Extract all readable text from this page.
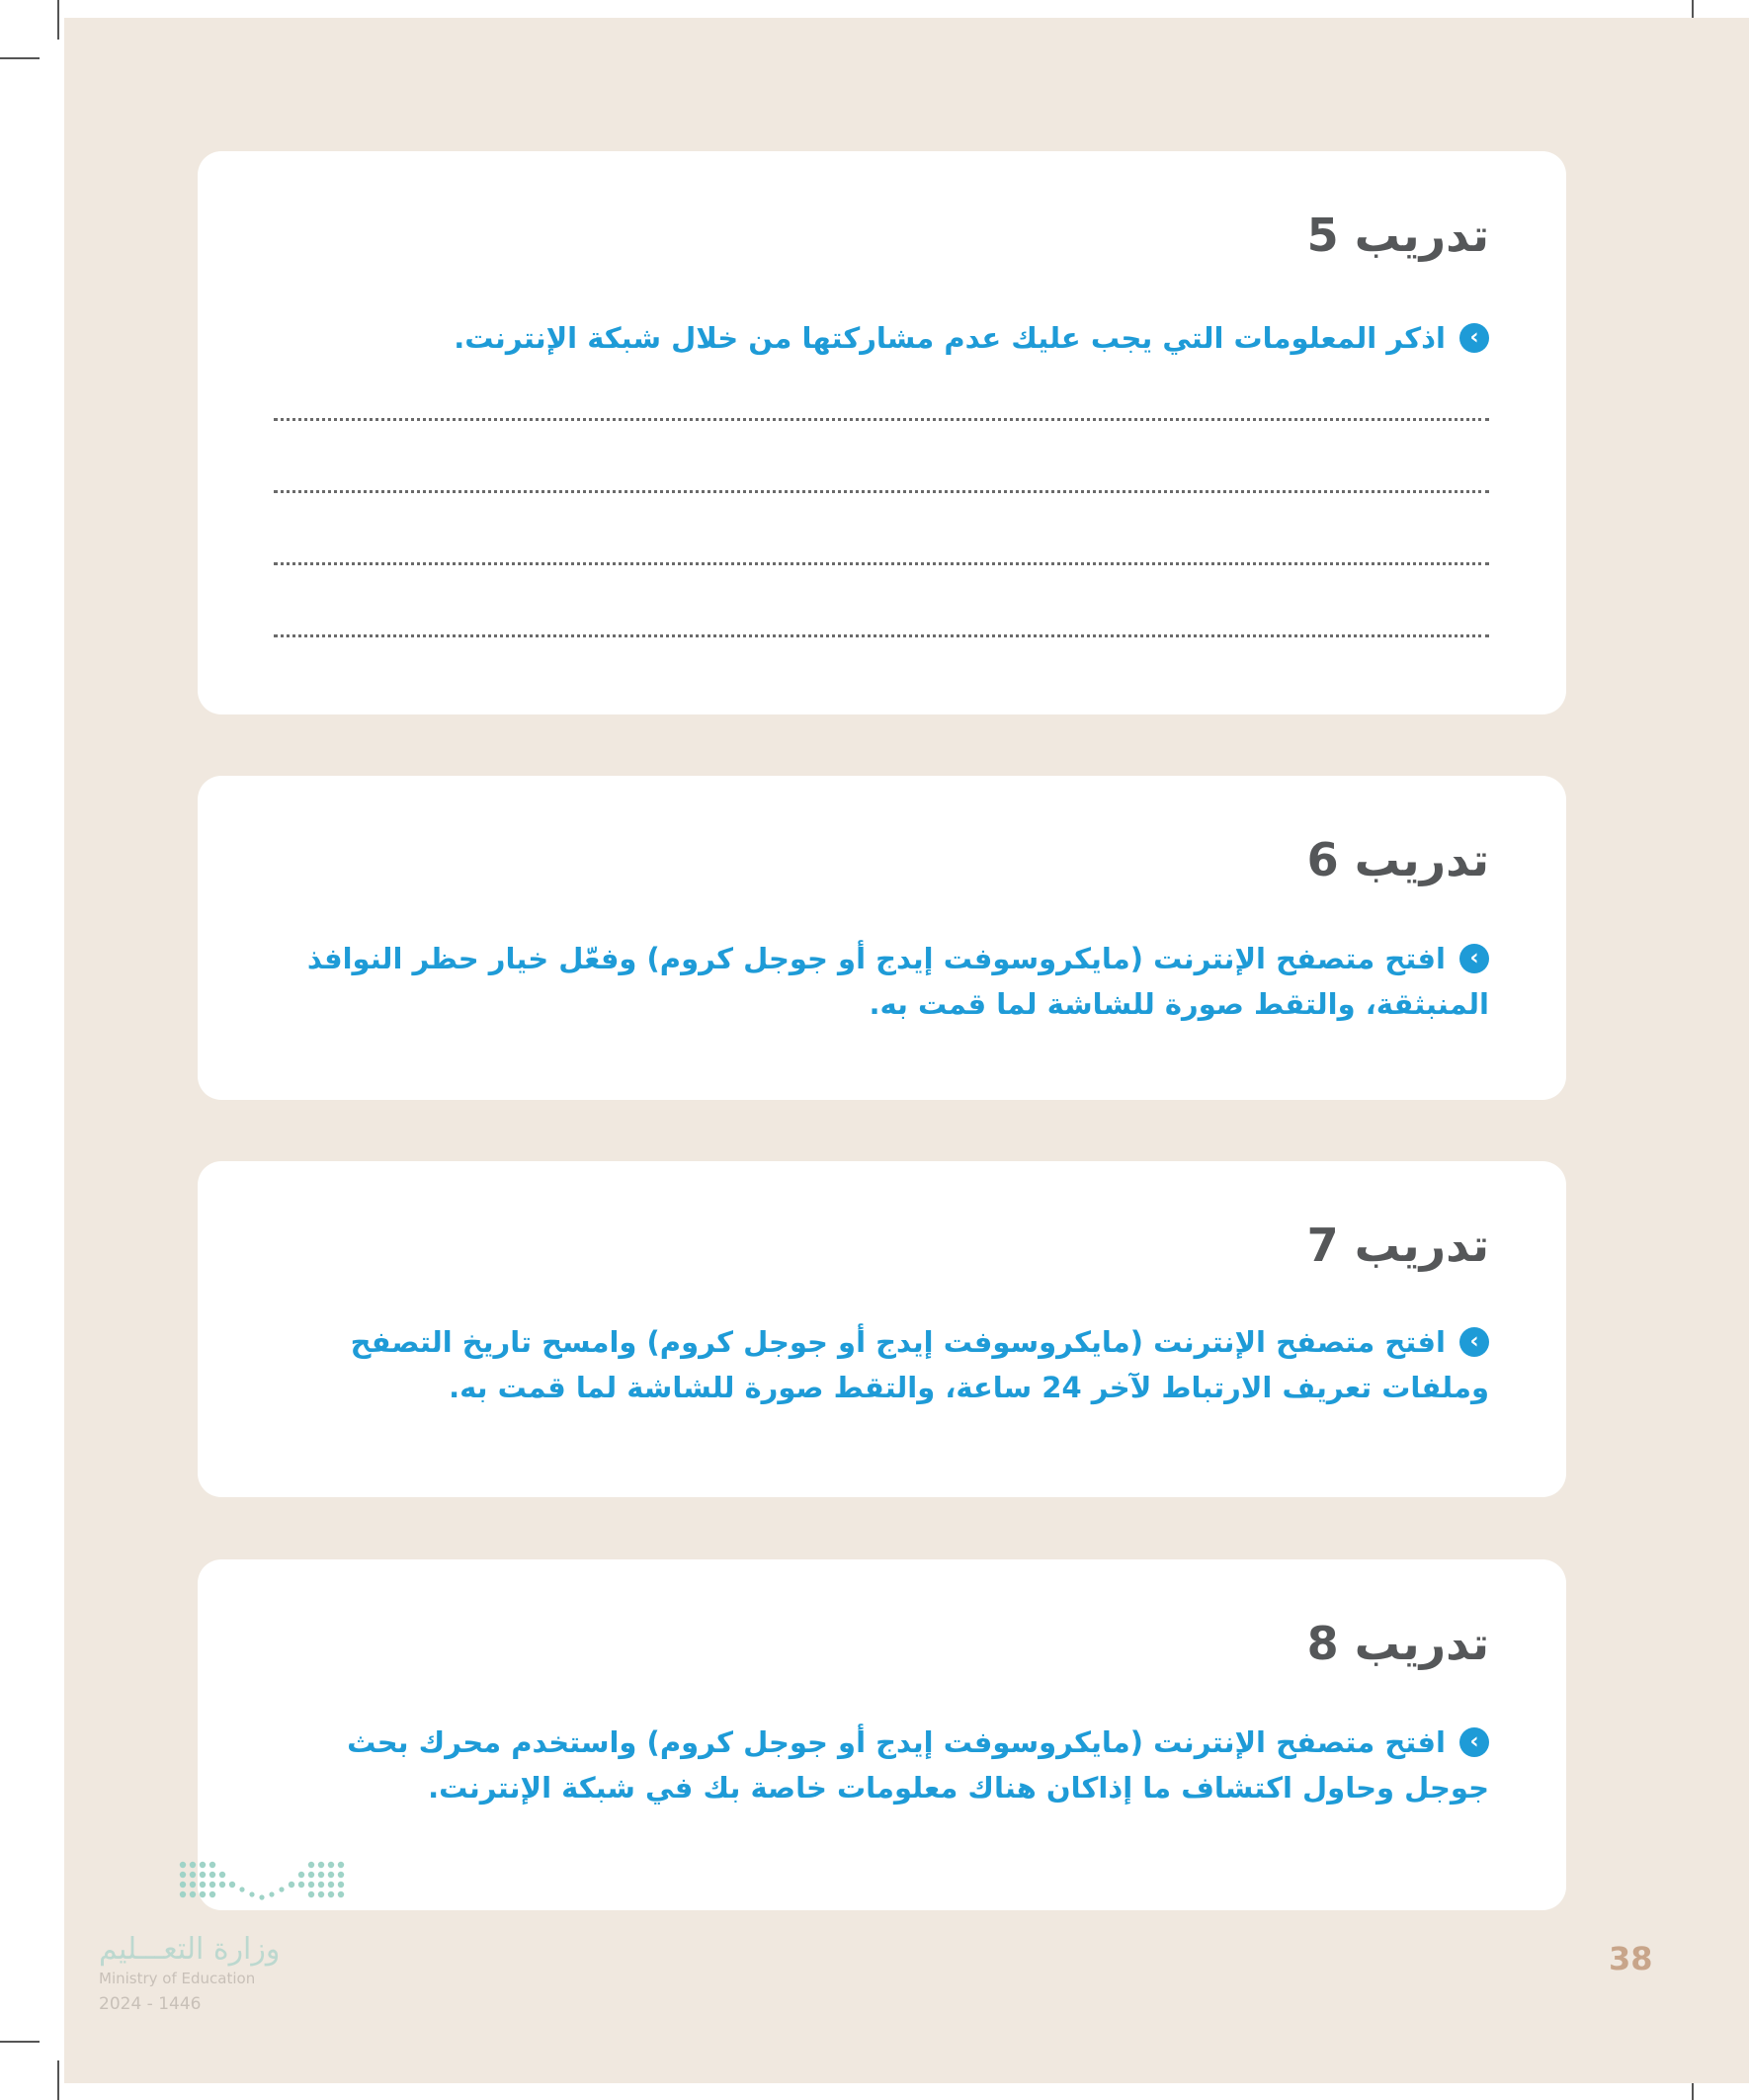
تدريب 5
›اذكر المعلومات التي يجب عليك عدم مشاركتها من خلال شبكة الإنترنت.
تدريب 6
›افتح متصفح الإنترنت (مايكروسوفت إيدج أو جوجل كروم) وفعّل خيار حظر النوافذ المنبثقة، والتقط صورة للشاشة لما قمت به.
تدريب 7
›افتح متصفح الإنترنت (مايكروسوفت إيدج أو جوجل كروم) وامسح تاريخ التصفح وملفات تعريف الارتباط لآخر 24 ساعة، والتقط صورة للشاشة لما قمت به.
تدريب 8
›افتح متصفح الإنترنت (مايكروسوفت إيدج أو جوجل كروم) واستخدم محرك بحث جوجل وحاول اكتشاف ما إذاكان هناك معلومات خاصة بك في شبكة الإنترنت.
وزارة التعـــليم
Ministry of Education
2024 - 1446
38
